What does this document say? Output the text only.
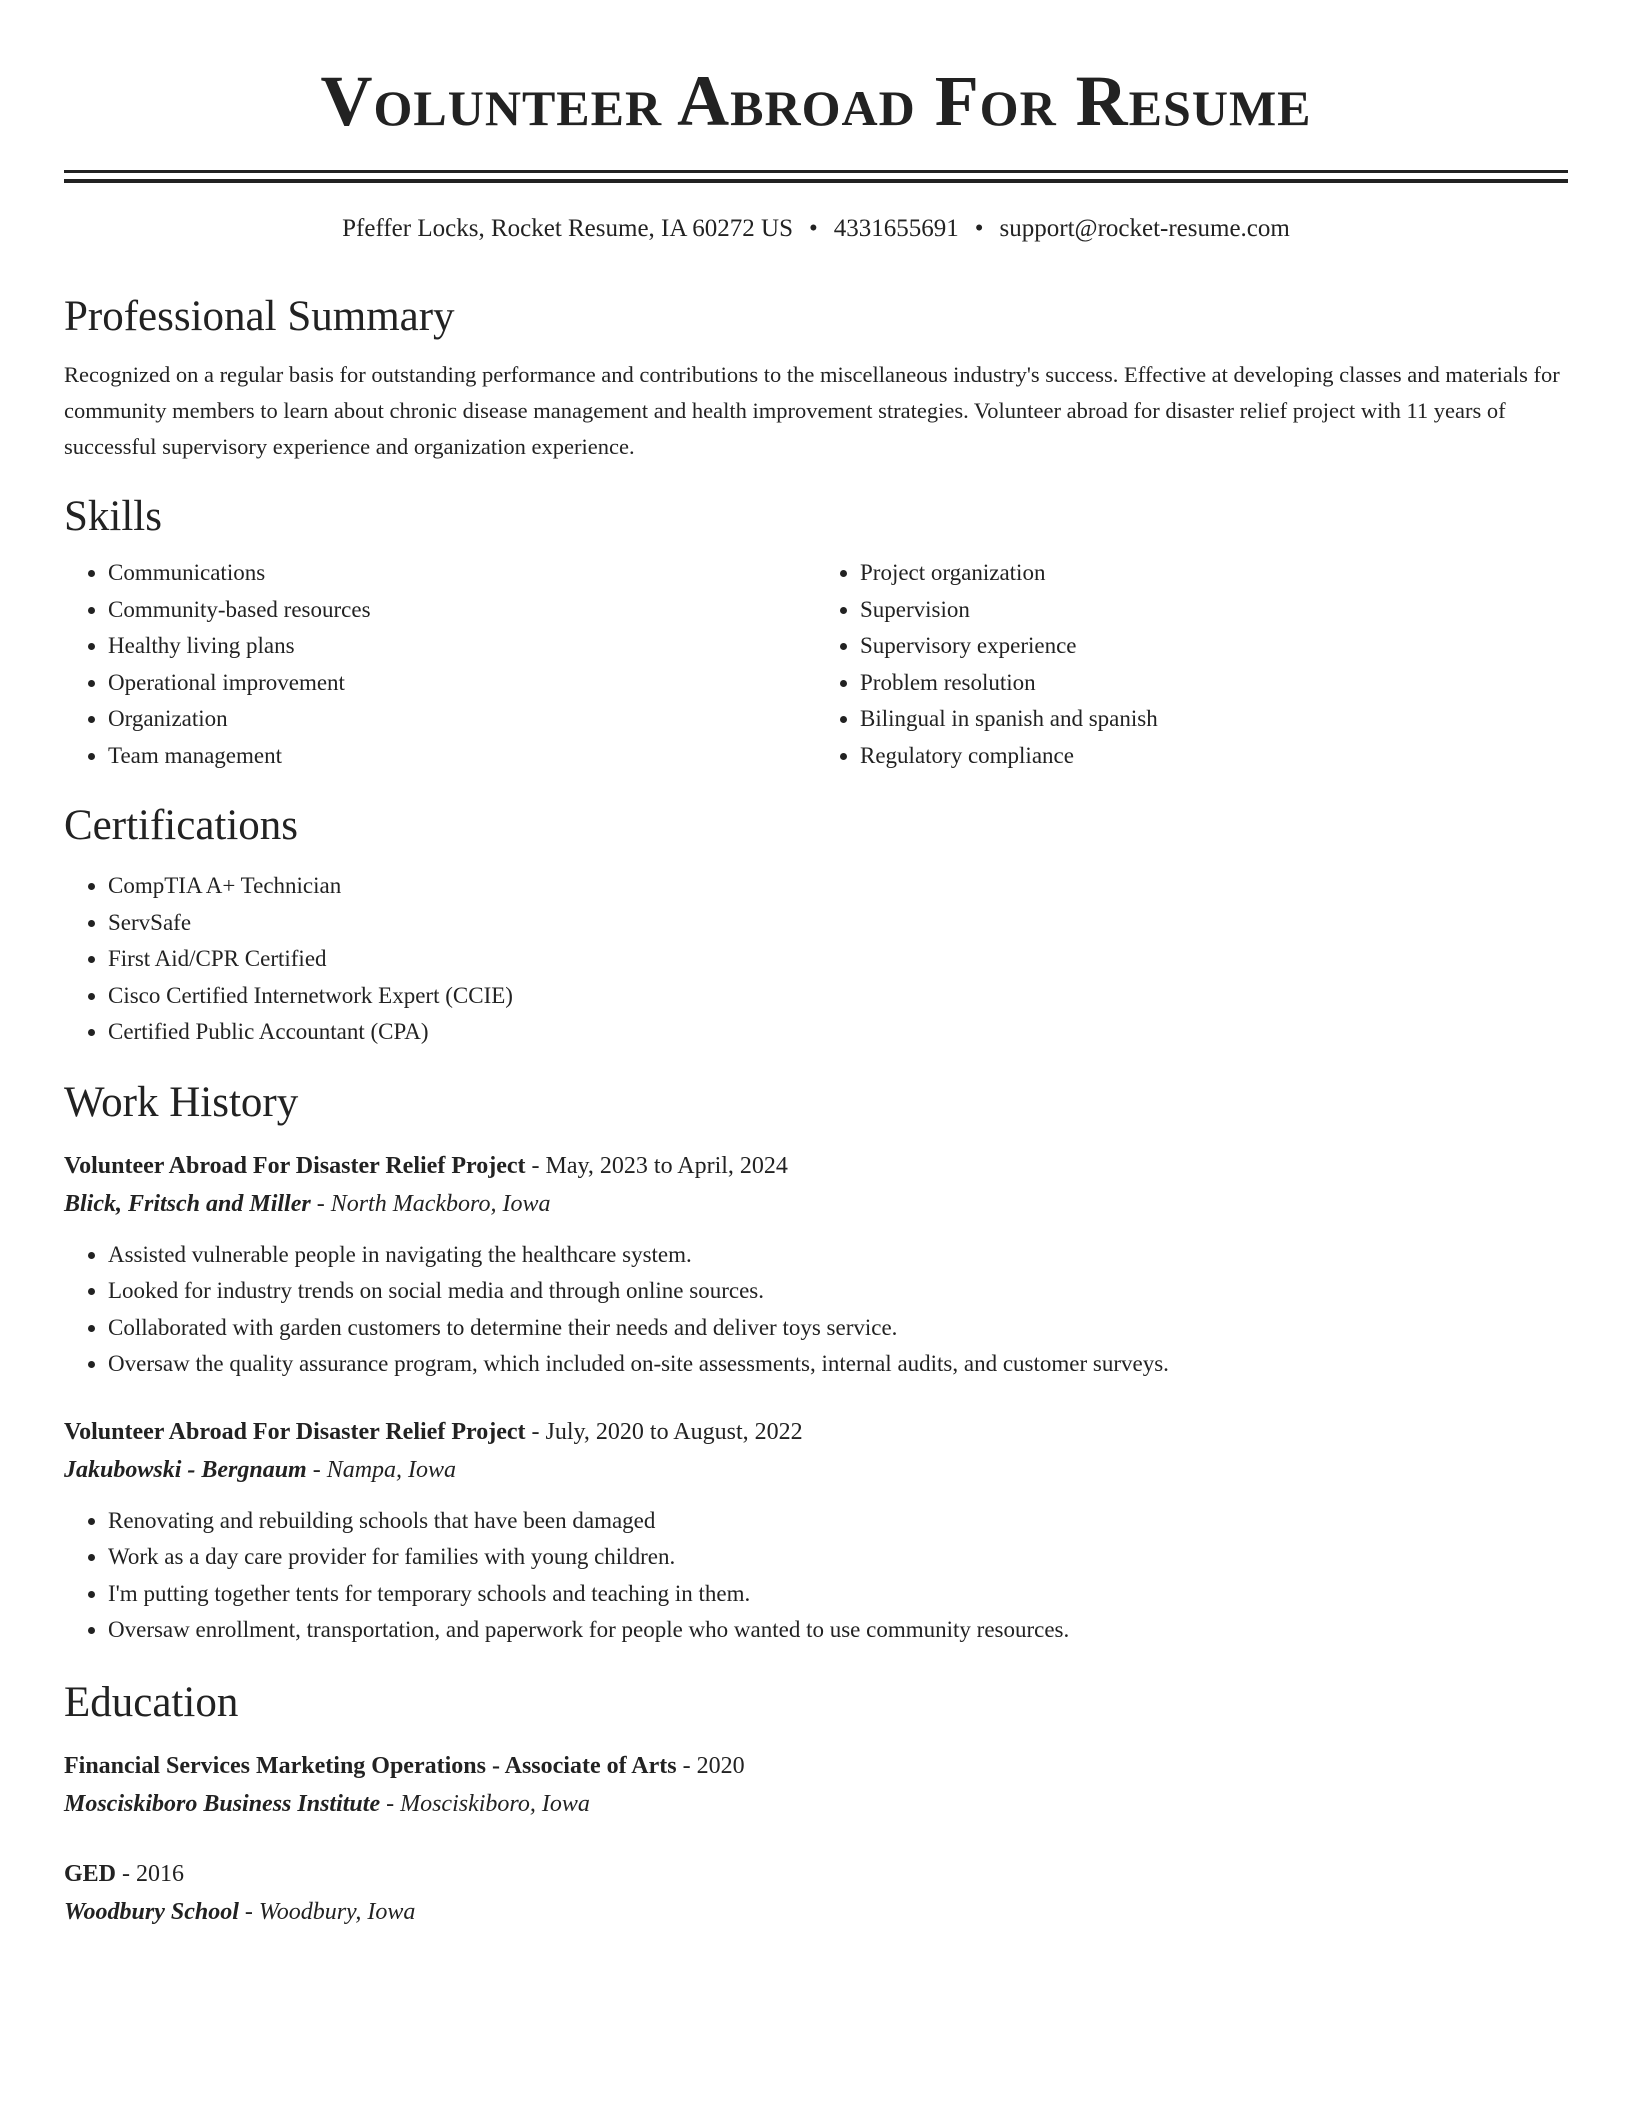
Volunteer Abroad For Resume
Pfeffer Locks, Rocket Resume, IA 60272 US • 4331655691 • support@rocket-resume.com
Professional Summary

Recognized on a regular basis for outstanding performance and contributions to the miscellaneous industry's success. Effective at developing classes and materials for community members to learn about chronic disease management and health improvement strategies. Volunteer abroad for disaster relief project with 11 years of successful supervisory experience and organization experience.

Skills
• Communications
• Community-based resources
• Healthy living plans
• Operational improvement
• Organization
• Team management
• Project organization
• Supervision
• Supervisory experience
• Problem resolution
• Bilingual in spanish and spanish
• Regulatory compliance
Certifications
• CompTIA A+ Technician
• ServSafe
• First Aid/CPR Certified
• Cisco Certified Internetwork Expert (CCIE)
• Certified Public Accountant (CPA)
Work History
Volunteer Abroad For Disaster Relief Project - May, 2023 to April, 2024
Blick, Fritsch and Miller - North Mackboro, Iowa
• Assisted vulnerable people in navigating the healthcare system.
• Looked for industry trends on social media and through online sources.
• Collaborated with garden customers to determine their needs and deliver toys service.
• Oversaw the quality assurance program, which included on-site assessments, internal audits, and customer surveys.
Volunteer Abroad For Disaster Relief Project - July, 2020 to August, 2022
Jakubowski - Bergnaum - Nampa, Iowa
• Renovating and rebuilding schools that have been damaged
• Work as a day care provider for families with young children.
• I'm putting together tents for temporary schools and teaching in them.
• Oversaw enrollment, transportation, and paperwork for people who wanted to use community resources.
Education
Financial Services Marketing Operations - Associate of Arts - 2020
Mosciskiboro Business Institute - Mosciskiboro, Iowa
GED - 2016
Woodbury School - Woodbury, Iowa
